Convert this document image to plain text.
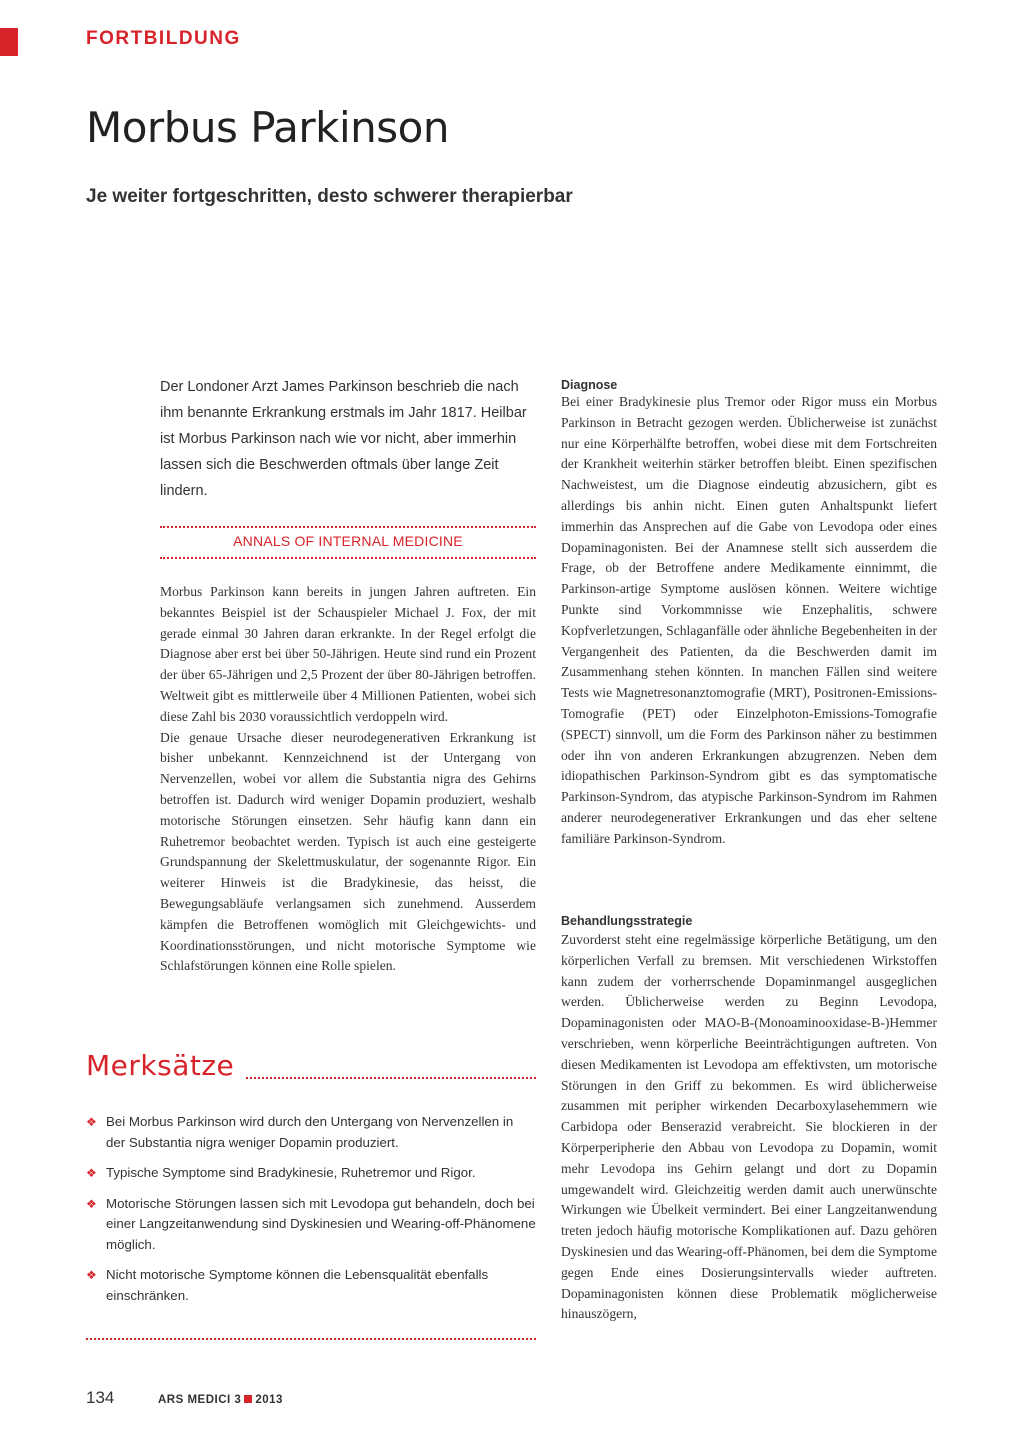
FORTBILDUNG
Morbus Parkinson
Je weiter fortgeschritten, desto schwerer therapierbar
Der Londoner Arzt James Parkinson beschrieb die nach ihm benannte Erkrankung erstmals im Jahr 1817. Heilbar ist Morbus Parkinson nach wie vor nicht, aber immerhin lassen sich die Beschwerden oftmals über lange Zeit lindern.
ANNALS OF INTERNAL MEDICINE

Morbus Parkinson kann bereits in jungen Jahren auftreten. Ein bekanntes Beispiel ist der Schauspieler Michael J. Fox, der mit gerade einmal 30 Jahren daran erkrankte. In der Regel erfolgt die Diagnose aber erst bei über 50-Jährigen. Heute sind rund ein Prozent der über 65-Jährigen und 2,5 Prozent der über 80-Jährigen betroffen. Weltweit gibt es mittlerweile über 4 Millionen Patienten, wobei sich diese Zahl bis 2030 voraussichtlich verdoppeln wird.

Die genaue Ursache dieser neurodegenerativen Erkrankung ist bisher unbekannt. Kennzeichnend ist der Untergang von Nervenzellen, wobei vor allem die Substantia nigra des Gehirns betroffen ist. Dadurch wird weniger Dopamin produziert, weshalb motorische Störungen einsetzen. Sehr häufig kann dann ein Ruhetremor beobachtet werden. Typisch ist auch eine gesteigerte Grundspannung der Skelettmuskulatur, der sogenannte Rigor. Ein weiterer Hinweis ist die Bradykinesie, das heisst, die Bewegungsabläufe verlangsamen sich zunehmend. Ausserdem kämpfen die Betroffenen womöglich mit Gleichgewichts- und Koordinationsstörungen, und nicht motorische Symptome wie Schlafstörungen können eine Rolle spielen.

Merksätze
❖ Bei Morbus Parkinson wird durch den Untergang von Nervenzellen in der Substantia nigra weniger Dopamin produziert.
❖ Typische Symptome sind Bradykinesie, Ruhetremor und Rigor.
❖ Motorische Störungen lassen sich mit Levodopa gut behandeln, doch bei einer Langzeitanwendung sind Dyskinesien und Wearing-off-Phänomene möglich.
❖ Nicht motorische Symptome können die Lebensqualität ebenfalls einschränken.
Diagnose
Bei einer Bradykinesie plus Tremor oder Rigor muss ein Morbus Parkinson in Betracht gezogen werden. Üblicherweise ist zunächst nur eine Körperhälfte betroffen, wobei diese mit dem Fortschreiten der Krankheit weiterhin stärker betroffen bleibt. Einen spezifischen Nachweistest, um die Diagnose eindeutig abzusichern, gibt es allerdings bis anhin nicht. Einen guten Anhaltspunkt liefert immerhin das Ansprechen auf die Gabe von Levodopa oder eines Dopaminagonisten. Bei der Anamnese stellt sich ausserdem die Frage, ob der Betroffene andere Medikamente einnimmt, die Parkinson-artige Symptome auslösen können. Weitere wichtige Punkte sind Vorkommnisse wie Enzephalitis, schwere Kopfverletzungen, Schlaganfälle oder ähnliche Begebenheiten in der Vergangenheit des Patienten, da die Beschwerden damit im Zusammenhang stehen könnten. In manchen Fällen sind weitere Tests wie Magnetresonanztomografie (MRT), Positronen-Emissions-Tomografie (PET) oder Einzelphoton-Emissions-Tomografie (SPECT) sinnvoll, um die Form des Parkinson näher zu bestimmen oder ihn von anderen Erkrankungen abzugrenzen. Neben dem idiopathischen Parkinson-Syndrom gibt es das symptomatische Parkinson-Syndrom, das atypische Parkinson-Syndrom im Rahmen anderer neurodegenerativer Erkrankungen und das eher seltene familiäre Parkinson-Syndrom.
Behandlungsstrategie
Zuvorderst steht eine regelmässige körperliche Betätigung, um den körperlichen Verfall zu bremsen. Mit verschiedenen Wirkstoffen kann zudem der vorherrschende Dopaminmangel ausgeglichen werden. Üblicherweise werden zu Beginn Levodopa, Dopaminagonisten oder MAO-B-(Monoaminooxidase-B-)Hemmer verschrieben, wenn körperliche Beeinträchtigungen auftreten. Von diesen Medikamenten ist Levodopa am effektivsten, um motorische Störungen in den Griff zu bekommen. Es wird üblicherweise zusammen mit peripher wirkenden Decarboxylasehemmern wie Carbidopa oder Benserazid verabreicht. Sie blockieren in der Körperperipherie den Abbau von Levodopa zu Dopamin, womit mehr Levodopa ins Gehirn gelangt und dort zu Dopamin umgewandelt wird. Gleichzeitig werden damit auch unerwünschte Wirkungen wie Übelkeit vermindert. Bei einer Langzeitanwendung treten jedoch häufig motorische Komplikationen auf. Dazu gehören Dyskinesien und das Wearing-off-Phänomen, bei dem die Symptome gegen Ende eines Dosierungsintervalls wieder auftreten. Dopaminagonisten können diese Problematik möglicherweise hinauszögern,
134	ARS MEDICI 3 2013
